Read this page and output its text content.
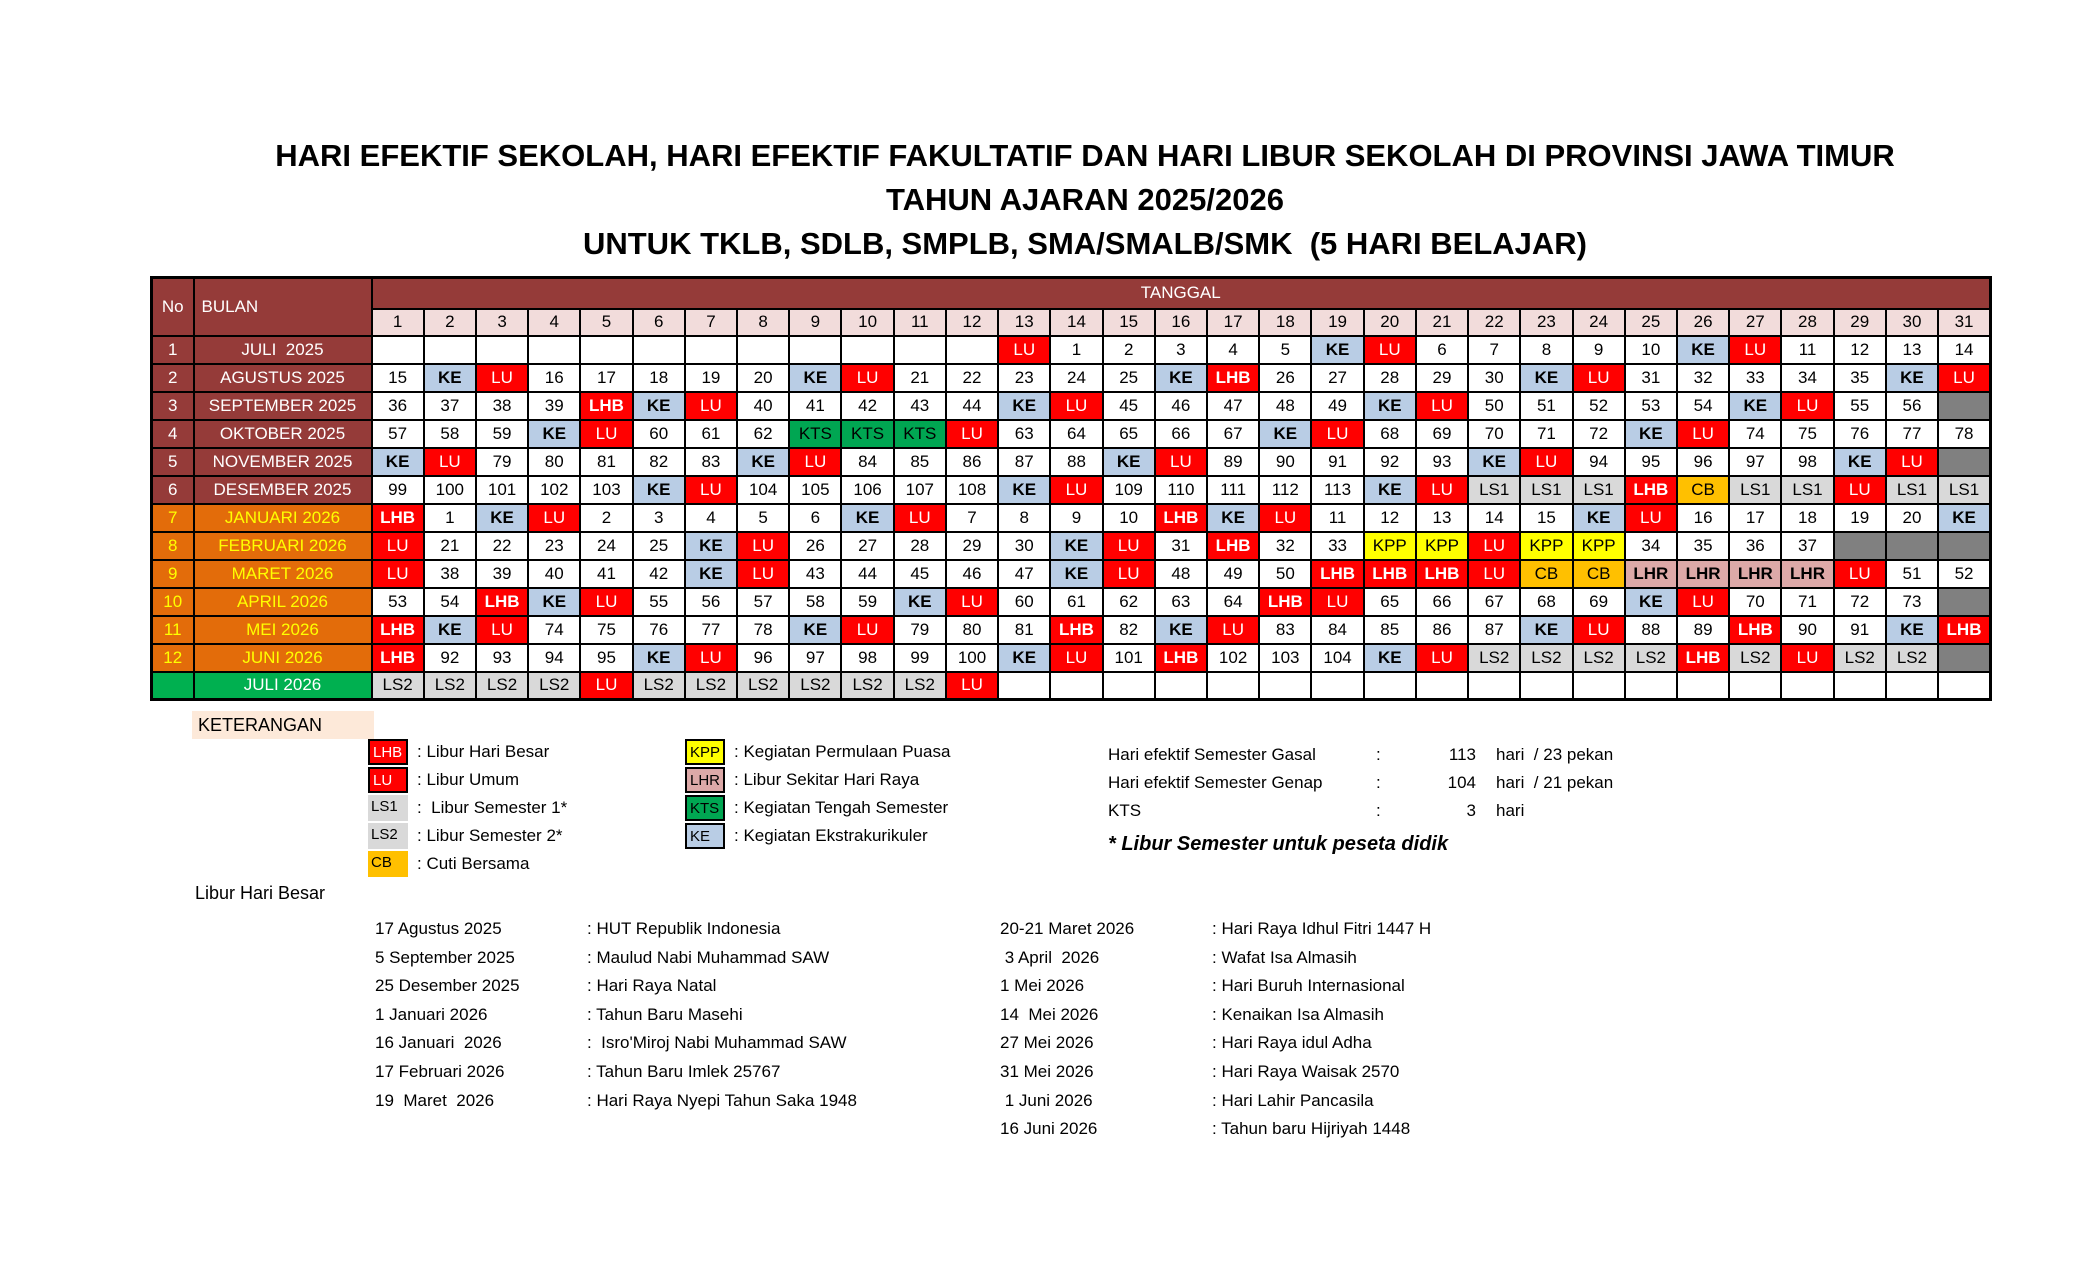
HARI EFEKTIF SEKOLAH, HARI EFEKTIF FAKULTATIF DAN HARI LIBUR SEKOLAH DI PROVINSI JAWA TIMUR
TAHUN AJARAN 2025/2026
UNTUK TKLB, SDLB, SMPLB, SMA/SMALB/SMK  (5 HARI BELAJAR)
No	BULAN	TANGGAL																														
		1	2	3	4	5	6	7	8	9	10	11	12	13	14	15	16	17	18	19	20	21	22	23	24	25	26	27	28	29	30	31
1	JULI  2025													LU	1	2	3	4	5	KE	LU	6	7	8	9	10	KE	LU	11	12	13	14
2	AGUSTUS 2025	15	KE	LU	16	17	18	19	20	KE	LU	21	22	23	24	25	KE	LHB	26	27	28	29	30	KE	LU	31	32	33	34	35	KE	LU
3	SEPTEMBER 2025	36	37	38	39	LHB	KE	LU	40	41	42	43	44	KE	LU	45	46	47	48	49	KE	LU	50	51	52	53	54	KE	LU	55	56	
4	OKTOBER 2025	57	58	59	KE	LU	60	61	62	KTS	KTS	KTS	LU	63	64	65	66	67	KE	LU	68	69	70	71	72	KE	LU	74	75	76	77	78
5	NOVEMBER 2025	KE	LU	79	80	81	82	83	KE	LU	84	85	86	87	88	KE	LU	89	90	91	92	93	KE	LU	94	95	96	97	98	KE	LU	
6	DESEMBER 2025	99	100	101	102	103	KE	LU	104	105	106	107	108	KE	LU	109	110	111	112	113	KE	LU	LS1	LS1	LS1	LHB	CB	LS1	LS1	LU	LS1	LS1
7	JANUARI 2026	LHB	1	KE	LU	2	3	4	5	6	KE	LU	7	8	9	10	LHB	KE	LU	11	12	13	14	15	KE	LU	16	17	18	19	20	KE
8	FEBRUARI 2026	LU	21	22	23	24	25	KE	LU	26	27	28	29	30	KE	LU	31	LHB	32	33	KPP	KPP	LU	KPP	KPP	34	35	36	37			
9	MARET 2026	LU	38	39	40	41	42	KE	LU	43	44	45	46	47	KE	LU	48	49	50	LHB	LHB	LHB	LU	CB	CB	LHR	LHR	LHR	LHR	LU	51	52
10	APRIL 2026	53	54	LHB	KE	LU	55	56	57	58	59	KE	LU	60	61	62	63	64	LHB	LU	65	66	67	68	69	KE	LU	70	71	72	73	
11	MEI 2026	LHB	KE	LU	74	75	76	77	78	KE	LU	79	80	81	LHB	82	KE	LU	83	84	85	86	87	KE	LU	88	89	LHB	90	91	KE	LHB
12	JUNI 2026	LHB	92	93	94	95	KE	LU	96	97	98	99	100	KE	LU	101	LHB	102	103	104	KE	LU	LS2	LS2	LS2	LS2	LHB	LS2	LU	LS2	LS2	
	JULI 2026	LS2	LS2	LS2	LS2	LU	LS2	LS2	LS2	LS2	LS2	LS2	LU																			
KETERANGAN
LHB : Libur Hari Besar
LU	: Libur Umum
LS1	:  Libur Semester 1*
LS2	: Libur Semester 2*
CB	: Cuti Bersama
KPP : Kegiatan Permulaan Puasa
LHR : Libur Sekitar Hari Raya
KTS : Kegiatan Tengah Semester
KE	: Kegiatan Ekstrakurikuler
Hari efektif Semester Gasal	:	113 hari  / 23 pekan
Hari efektif Semester Genap	:	104 hari  / 21 pekan
KTS	:	3 hari
* Libur Semester untuk peseta didik
Libur Hari Besar
17 Agustus 2025	: HUT Republik Indonesia
5 September 2025	: Maulud Nabi Muhammad SAW
25 Desember 2025	: Hari Raya Natal
1 Januari 2026	: Tahun Baru Masehi
16 Januari  2026	:  Isro'Miroj Nabi Muhammad SAW
17 Februari 2026	: Tahun Baru Imlek 25767
19  Maret  2026	: Hari Raya Nyepi Tahun Saka 1948
20-21 Maret 2026	: Hari Raya Idhul Fitri 1447 H
3 April  2026	: Wafat Isa Almasih
1 Mei 2026	: Hari Buruh Internasional
14  Mei 2026	: Kenaikan Isa Almasih
27 Mei 2026	: Hari Raya idul Adha
31 Mei 2026	: Hari Raya Waisak 2570
1 Juni 2026	: Hari Lahir Pancasila
16 Juni 2026	: Tahun baru Hijriyah 1448
